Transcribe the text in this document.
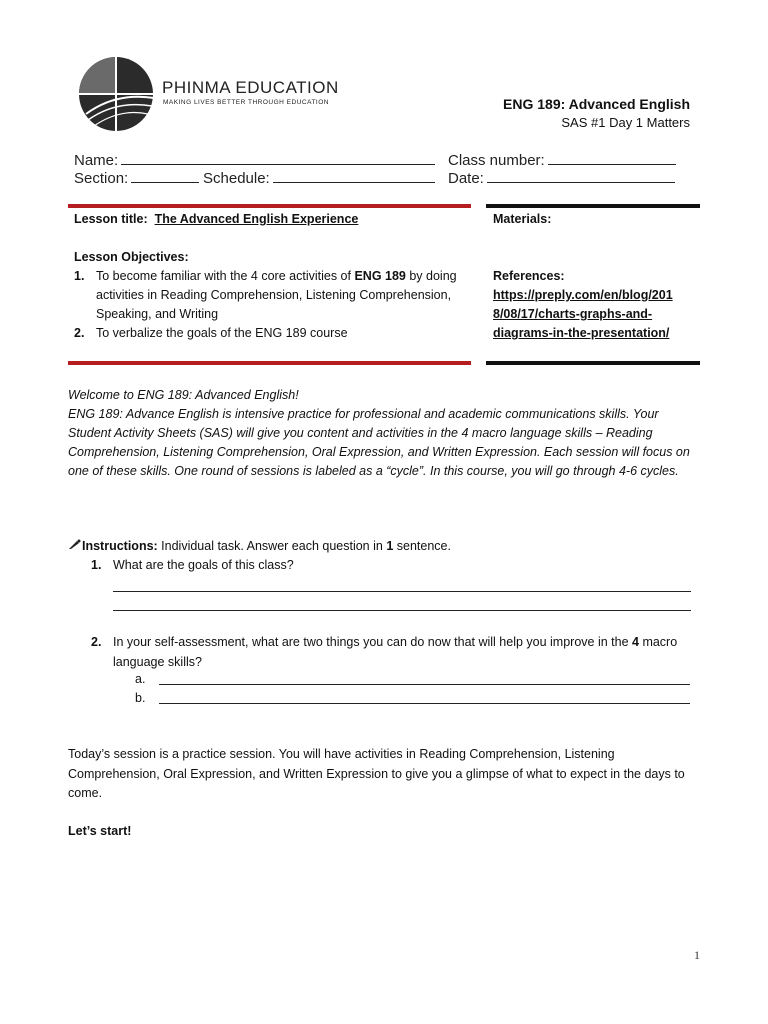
PHINMA EDUCATION
MAKING LIVES BETTER THROUGH EDUCATION	ENG 189: Advanced English
SAS #1 Day 1 Matters
Name:	Class number:
Section:	Schedule:	Date:
Lesson title: The Advanced English Experience
Lesson Objectives:
1. To become familiar with the 4 core activities of ENG 189 by doing activities in Reading Comprehension, Listening Comprehension, Speaking, and Writing
2. To verbalize the goals of the ENG 189 course
Materials:
References:
https://preply.com/en/blog/201
8/08/17/charts-graphs-and-
diagrams-in-the-presentation/
Welcome to ENG 189: Advanced English!
ENG 189: Advance English is intensive practice for professional and academic communications skills. Your Student Activity Sheets (SAS) will give you content and activities in the 4 macro language skills – Reading Comprehension, Listening Comprehension, Oral Expression, and Written Expression. Each session will focus on one of these skills. One round of sessions is labeled as a “cycle”. In this course, you will go through 4-6 cycles.
Instructions: Individual task. Answer each question in 1 sentence.
1. What are the goals of this class?
2. In your self-assessment, what are two things you can do now that will help you improve in the 4 macro language skills?
a.
b.
Today’s session is a practice session. You will have activities in Reading Comprehension, Listening Comprehension, Oral Expression, and Written Expression to give you a glimpse of what to expect in the days to come.
Let’s start!
1
